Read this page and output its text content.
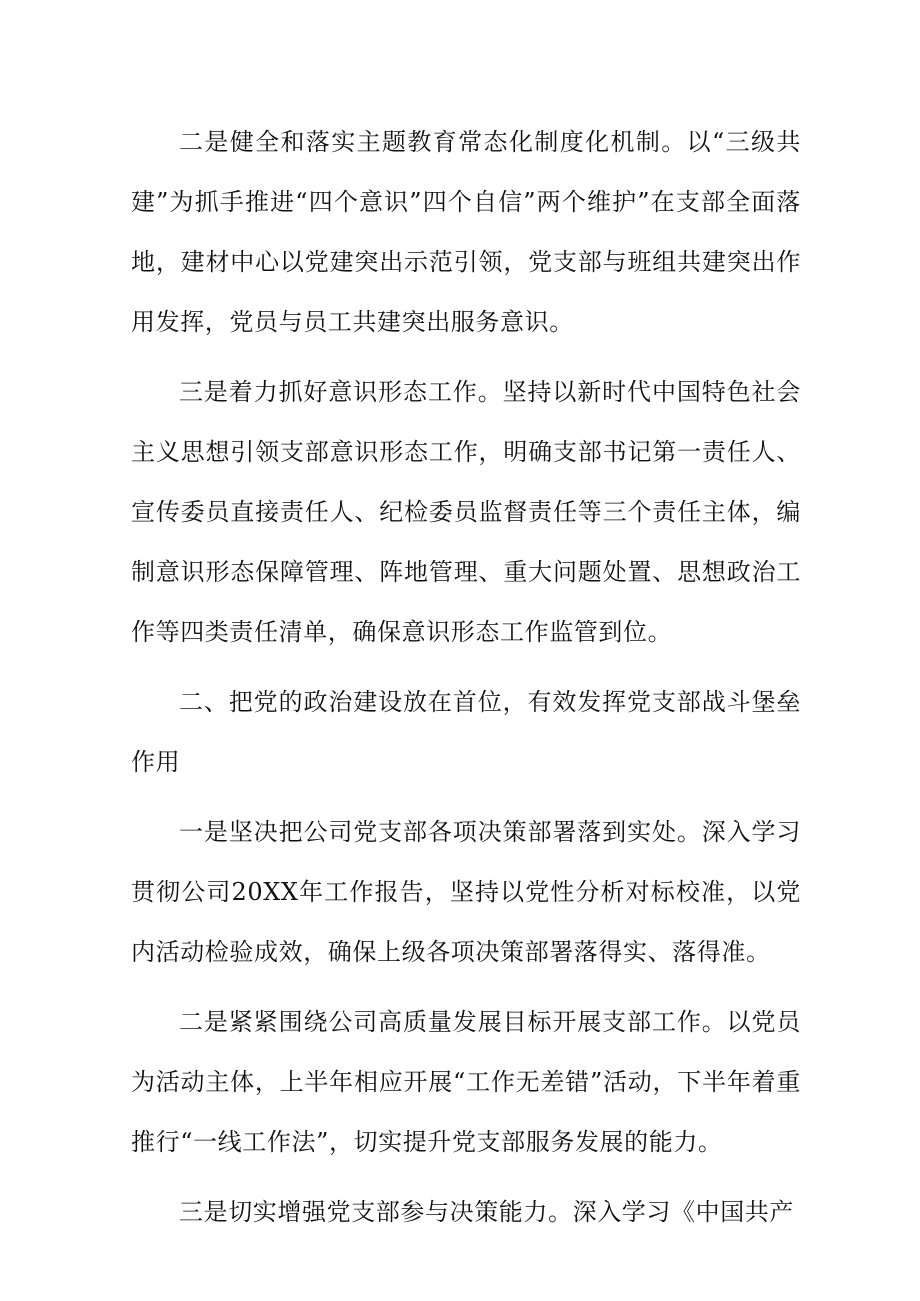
二是健全和落实主题教育常态化制度化机制。以“三级共建”为抓手推进“四个意识”四个自信”两个维护”在支部全面落地，建材中心以党建突出示范引领，党支部与班组共建突出作用发挥，党员与员工共建突出服务意识。

三是着力抓好意识形态工作。坚持以新时代中国特色社会主义思想引领支部意识形态工作，明确支部书记第一责任人、宣传委员直接责任人、纪检委员监督责任等三个责任主体，编制意识形态保障管理、阵地管理、重大问题处置、思想政治工作等四类责任清单，确保意识形态工作监管到位。

二、把党的政治建设放在首位，有效发挥党支部战斗堡垒作用

一是坚决把公司党支部各项决策部署落到实处。深入学习贯彻公司20XX年工作报告，坚持以党性分析对标校准，以党内活动检验成效，确保上级各项决策部署落得实、落得准。

二是紧紧围绕公司高质量发展目标开展支部工作。以党员为活动主体，上半年相应开展“工作无差错”活动，下半年着重推行“一线工作法”，切实提升党支部服务发展的能力。

三是切实增强党支部参与决策能力。深入学习《中国共产
